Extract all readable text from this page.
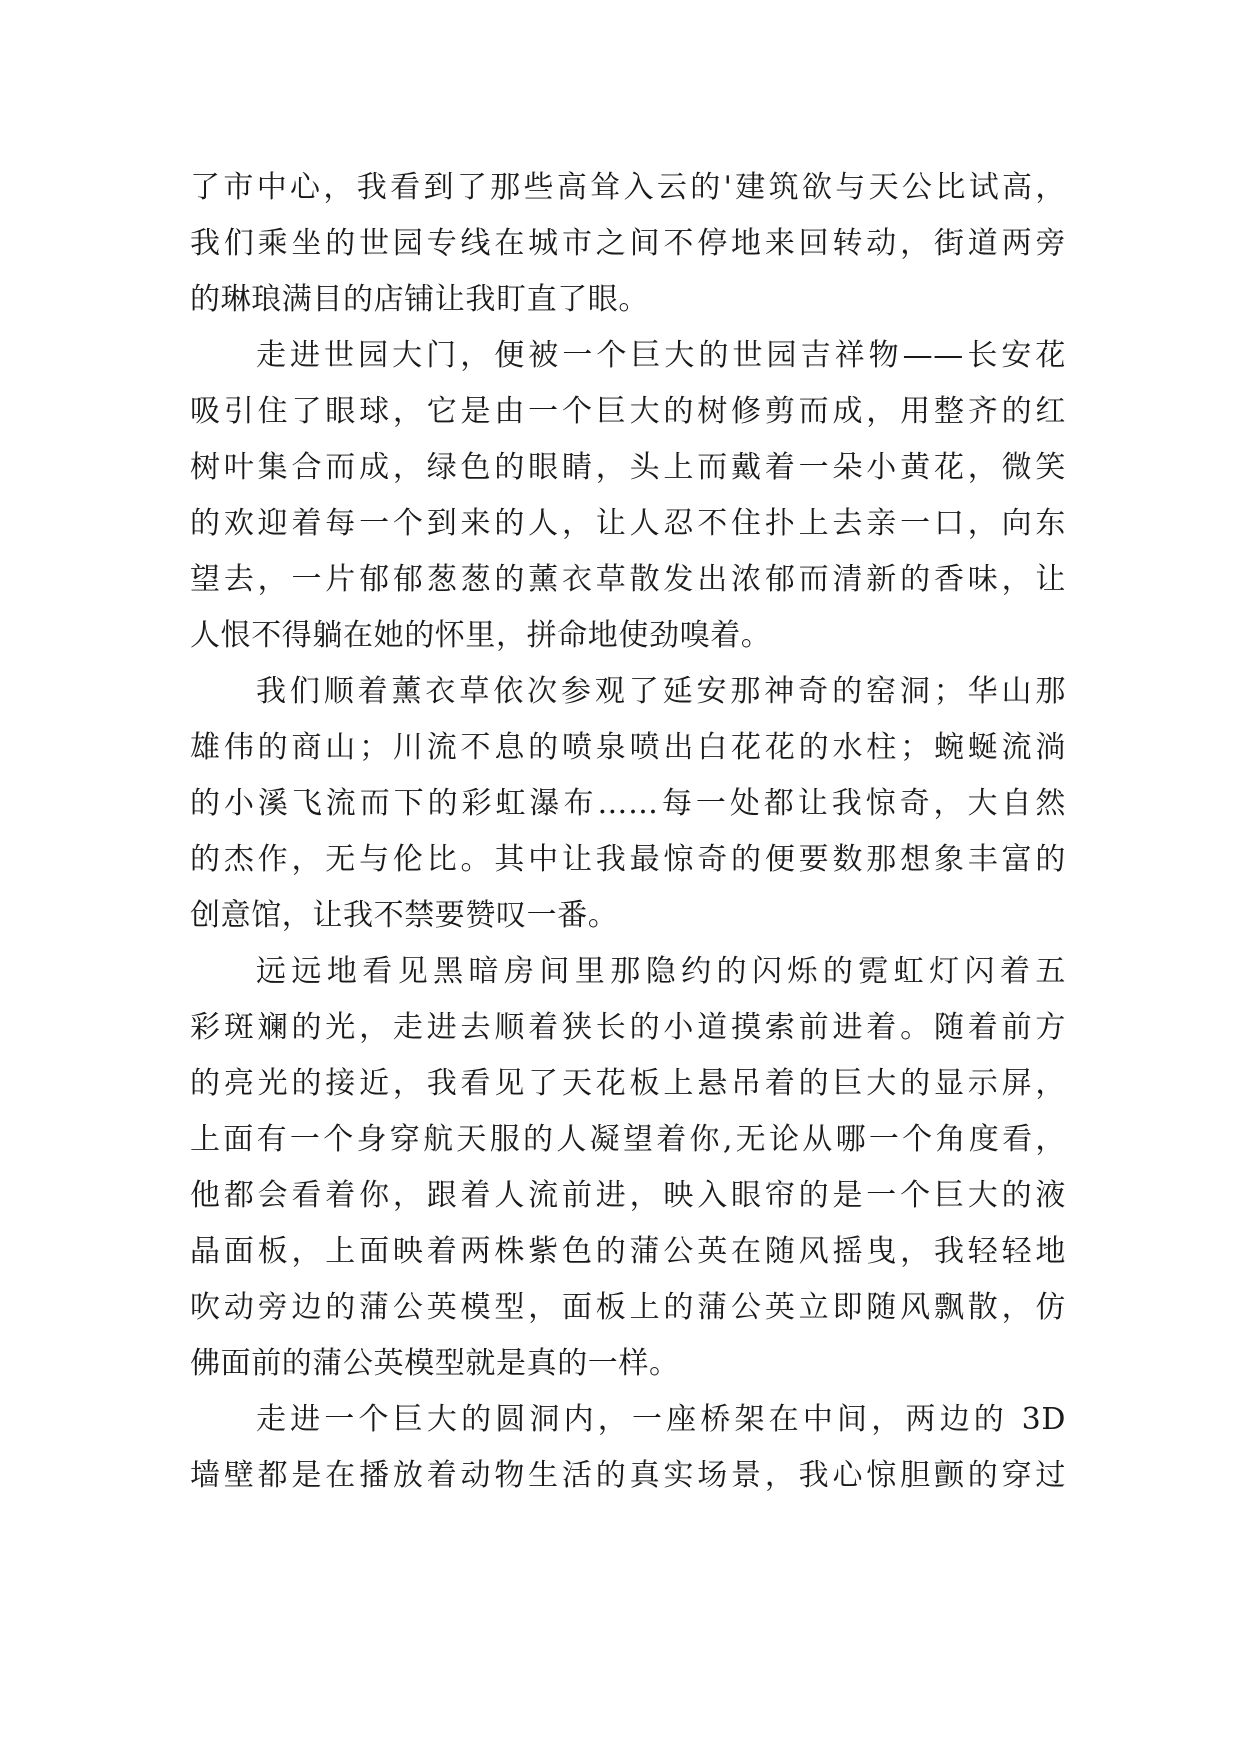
了市中心，我看到了那些高耸入云的'建筑欲与天公比试高，
我们乘坐的世园专线在城市之间不停地来回转动，街道两旁
的琳琅满目的店铺让我盯直了眼。
走进世园大门，便被一个巨大的世园吉祥物——长安花
吸引住了眼球，它是由一个巨大的树修剪而成，用整齐的红
树叶集合而成，绿色的眼睛，头上而戴着一朵小黄花，微笑
的欢迎着每一个到来的人，让人忍不住扑上去亲一口，向东
望去，一片郁郁葱葱的薰衣草散发出浓郁而清新的香味，让
人恨不得躺在她的怀里，拼命地使劲嗅着。
我们顺着薰衣草依次参观了延安那神奇的窑洞；华山那
雄伟的商山；川流不息的喷泉喷出白花花的水柱；蜿蜒流淌
的小溪飞流而下的彩虹瀑布……每一处都让我惊奇，大自然
的杰作，无与伦比。其中让我最惊奇的便要数那想象丰富的
创意馆，让我不禁要赞叹一番。
远远地看见黑暗房间里那隐约的闪烁的霓虹灯闪着五
彩斑斓的光，走进去顺着狭长的小道摸索前进着。随着前方
的亮光的接近，我看见了天花板上悬吊着的巨大的显示屏，
上面有一个身穿航天服的人凝望着你,无论从哪一个角度看，
他都会看着你，跟着人流前进，映入眼帘的是一个巨大的液
晶面板，上面映着两株紫色的蒲公英在随风摇曳，我轻轻地
吹动旁边的蒲公英模型，面板上的蒲公英立即随风飘散，仿
佛面前的蒲公英模型就是真的一样。
走进一个巨大的圆洞内，一座桥架在中间，两边的 3D
墙壁都是在播放着动物生活的真实场景，我心惊胆颤的穿过
